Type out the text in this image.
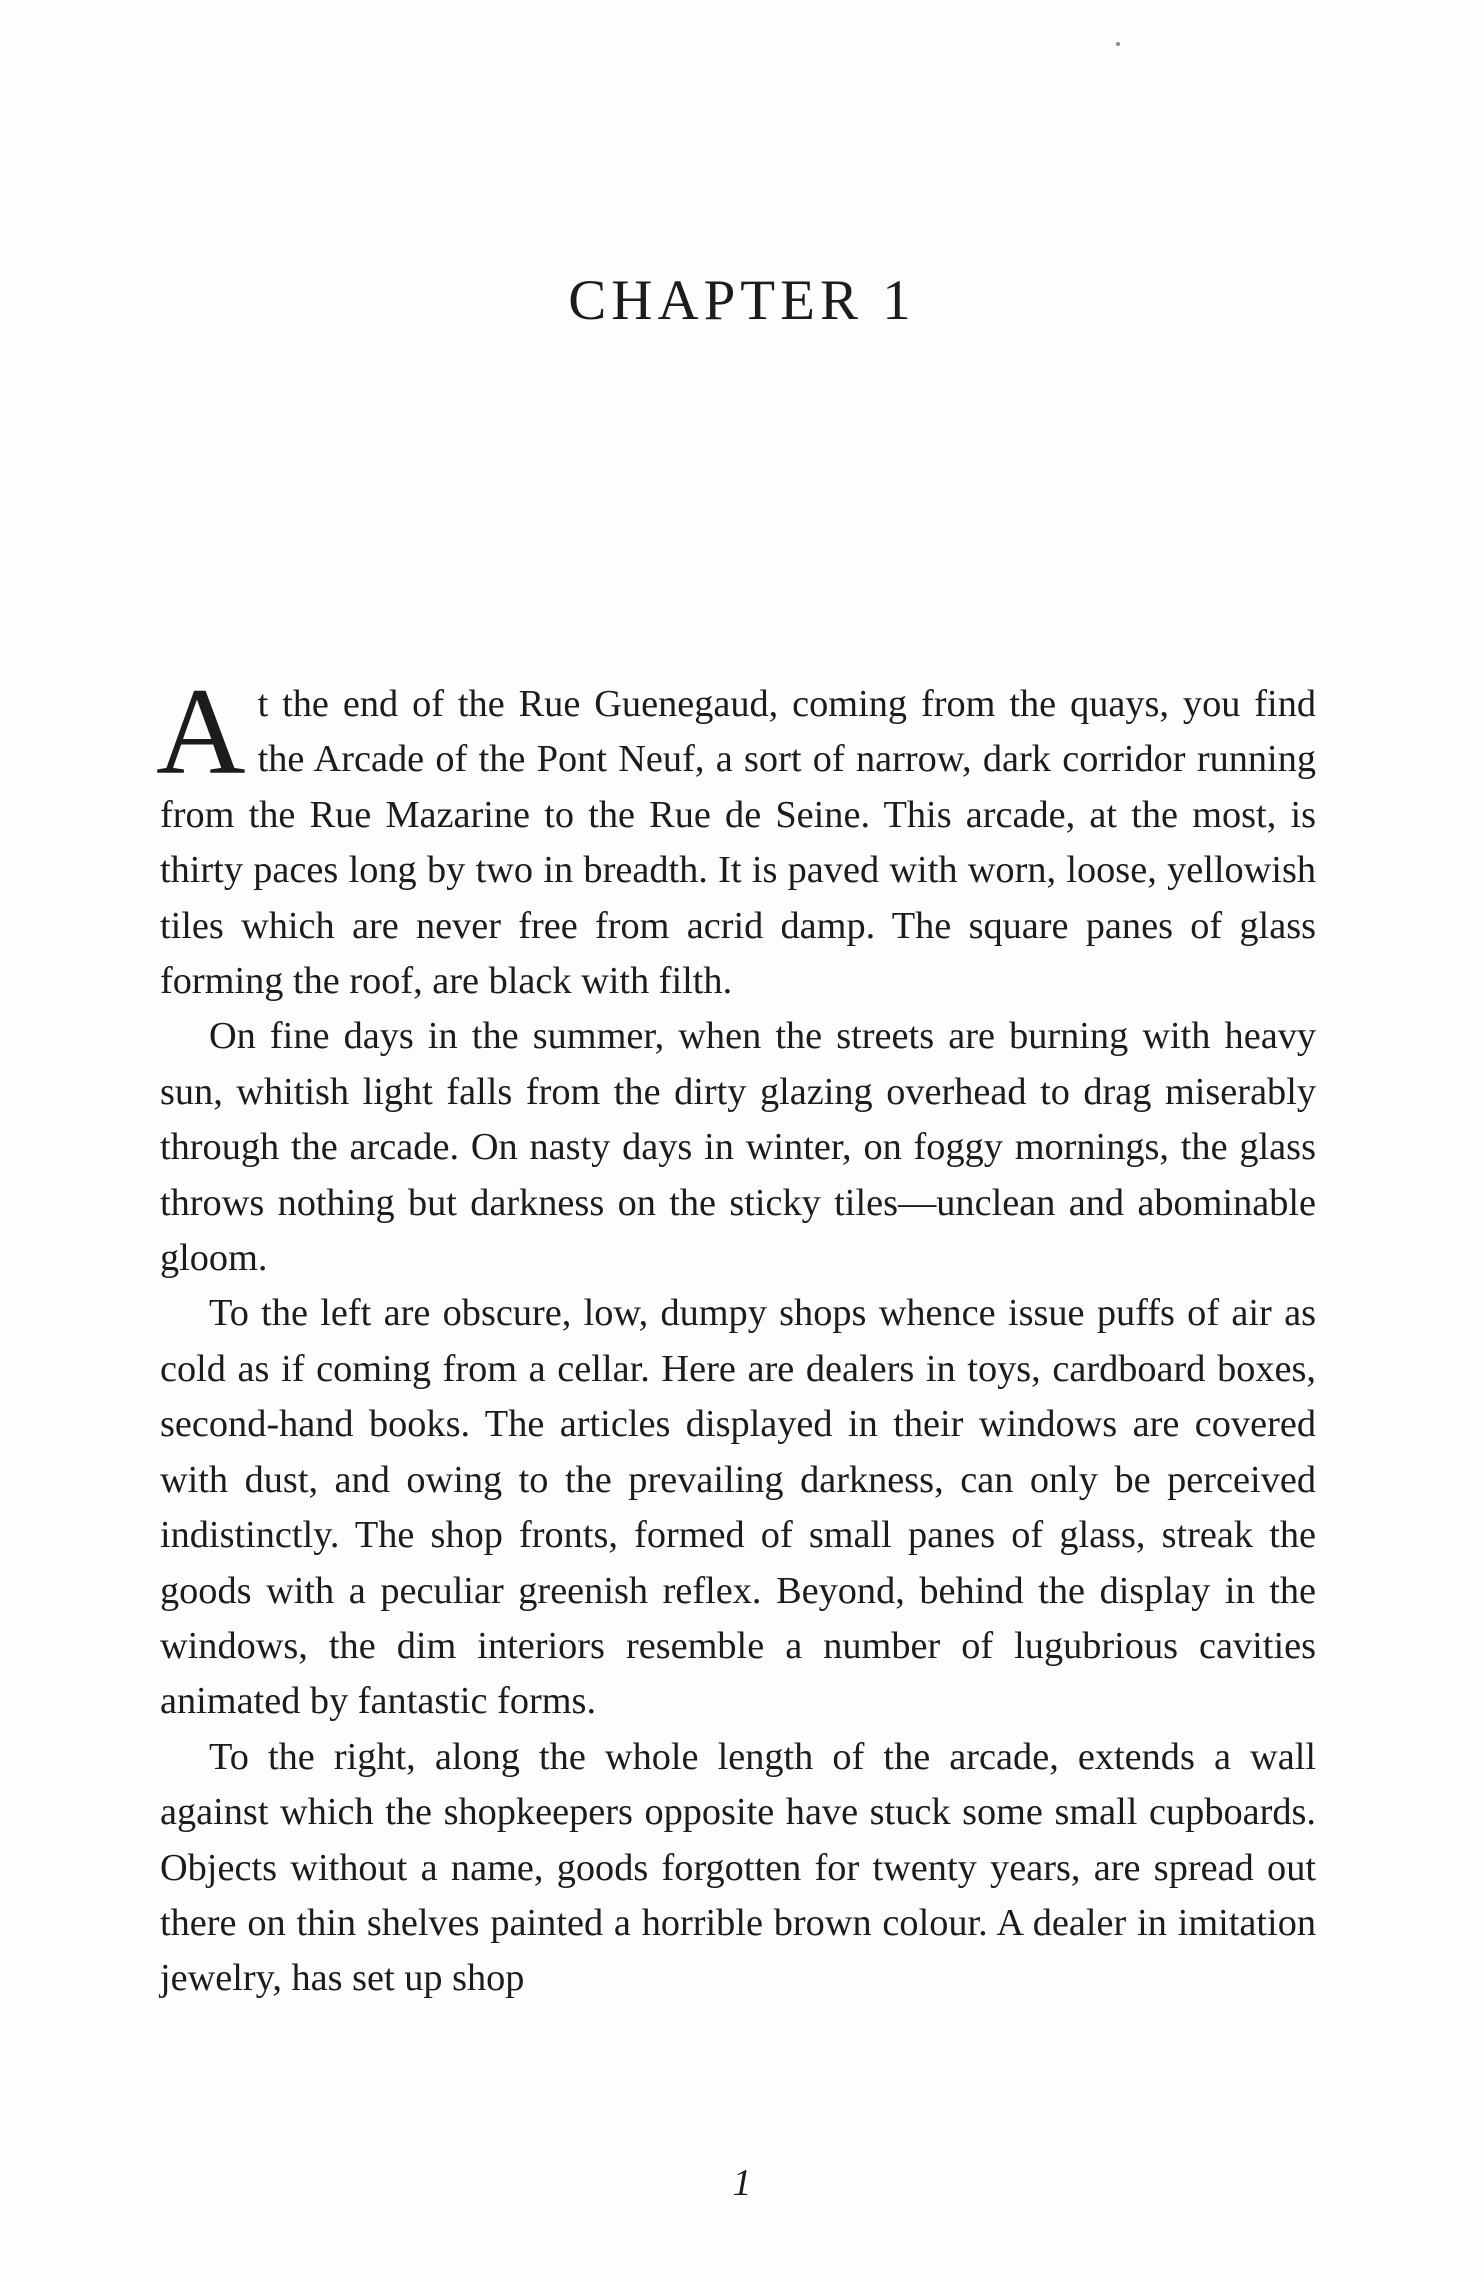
CHAPTER 1

At the end of the Rue Guenegaud, coming from the quays, you find the Arcade of the Pont Neuf, a sort of narrow, dark corridor running from the Rue Mazarine to the Rue de Seine. This arcade, at the most, is thirty paces long by two in breadth. It is paved with worn, loose, yellowish tiles which are never free from acrid damp. The square panes of glass forming the roof, are black with filth.

On fine days in the summer, when the streets are burning with heavy sun, whitish light falls from the dirty glazing overhead to drag miserably through the arcade. On nasty days in winter, on foggy mornings, the glass throws nothing but darkness on the sticky tiles—unclean and abominable gloom.

To the left are obscure, low, dumpy shops whence issue puffs of air as cold as if coming from a cellar. Here are dealers in toys, cardboard boxes, second-hand books. The articles displayed in their windows are covered with dust, and owing to the prevailing darkness, can only be perceived indistinctly. The shop fronts, formed of small panes of glass, streak the goods with a peculiar greenish reflex. Beyond, behind the display in the windows, the dim interiors resemble a number of lugubrious cavities animated by fantastic forms.

To the right, along the whole length of the arcade, extends a wall against which the shopkeepers opposite have stuck some small cupboards. Objects without a name, goods forgotten for twenty years, are spread out there on thin shelves painted a horrible brown colour. A dealer in imitation jewelry, has set up shop

1
